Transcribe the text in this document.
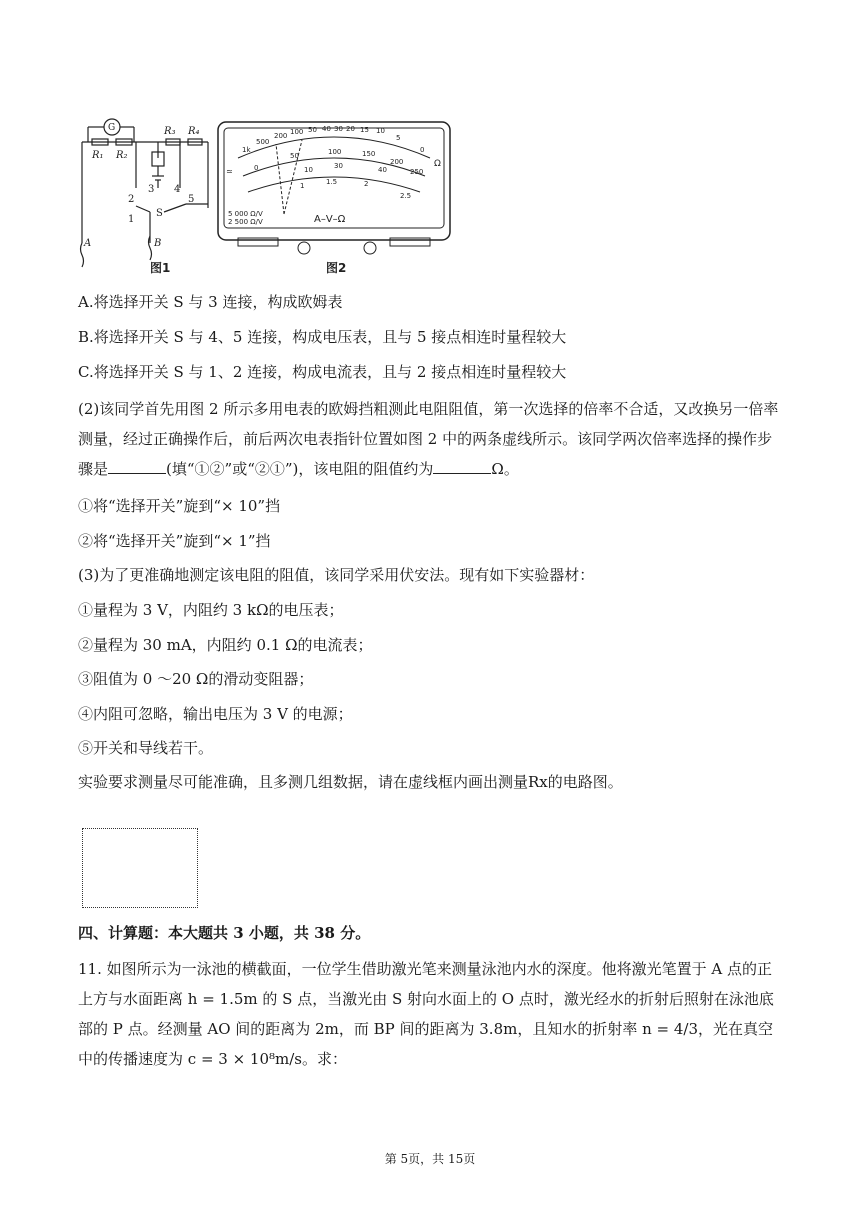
G
R₁ R₂
R₃ R₄
3 4
2
1
5
S
A	B
1k
500
200 100 50 40 30 20 15 10
5
0
Ω
0
50	100	150
200
250
10	30	40
1	1.5	2
2.5
≃
5 000 Ω/V
2 500 Ω/V	A–V–Ω
图1	图2
A.将选择开关 S 与 3 连接，构成欧姆表
B.将选择开关 S 与 4、5 连接，构成电压表，且与 5 接点相连时量程较大
C.将选择开关 S 与 1、2 连接，构成电流表，且与 2 接点相连时量程较大
(2)该同学首先用图 2 所示多用电表的欧姆挡粗测此电阻阻值，第一次选择的倍率不合适，又改换另一倍率测量，经过正确操作后，前后两次电表指针位置如图 2 中的两条虚线所示。该同学两次倍率选择的操作步骤是	(填“①②”或“②①”)，该电阻的阻值约为	Ω。
①将“选择开关”旋到“× 10”挡
②将“选择开关”旋到“× 1”挡
(3)为了更准确地测定该电阻的阻值，该同学采用伏安法。现有如下实验器材：
①量程为 3 V，内阻约 3 kΩ的电压表；
②量程为 30 mA，内阻约 0.1 Ω的电流表；
③阻值为 0 ～20 Ω的滑动变阻器；
④内阻可忽略，输出电压为 3 V 的电源；
⑤开关和导线若干。
实验要求测量尽可能准确，且多测几组数据，请在虚线框内画出测量Rx的电路图。
四、计算题：本大题共 3 小题，共 38 分。
11. 如图所示为一泳池的横截面，一位学生借助激光笔来测量泳池内水的深度。他将激光笔置于 A 点的正上方与水面距离 h = 1.5m 的 S 点，当激光由 S 射向水面上的 O 点时，激光经水的折射后照射在泳池底部的 P 点。经测量 AO 间的距离为 2m，而 BP 间的距离为 3.8m，且知水的折射率 n = 4/3，光在真空中的传播速度为 c = 3 × 10⁸m/s。求：
第 5页，共 15页
